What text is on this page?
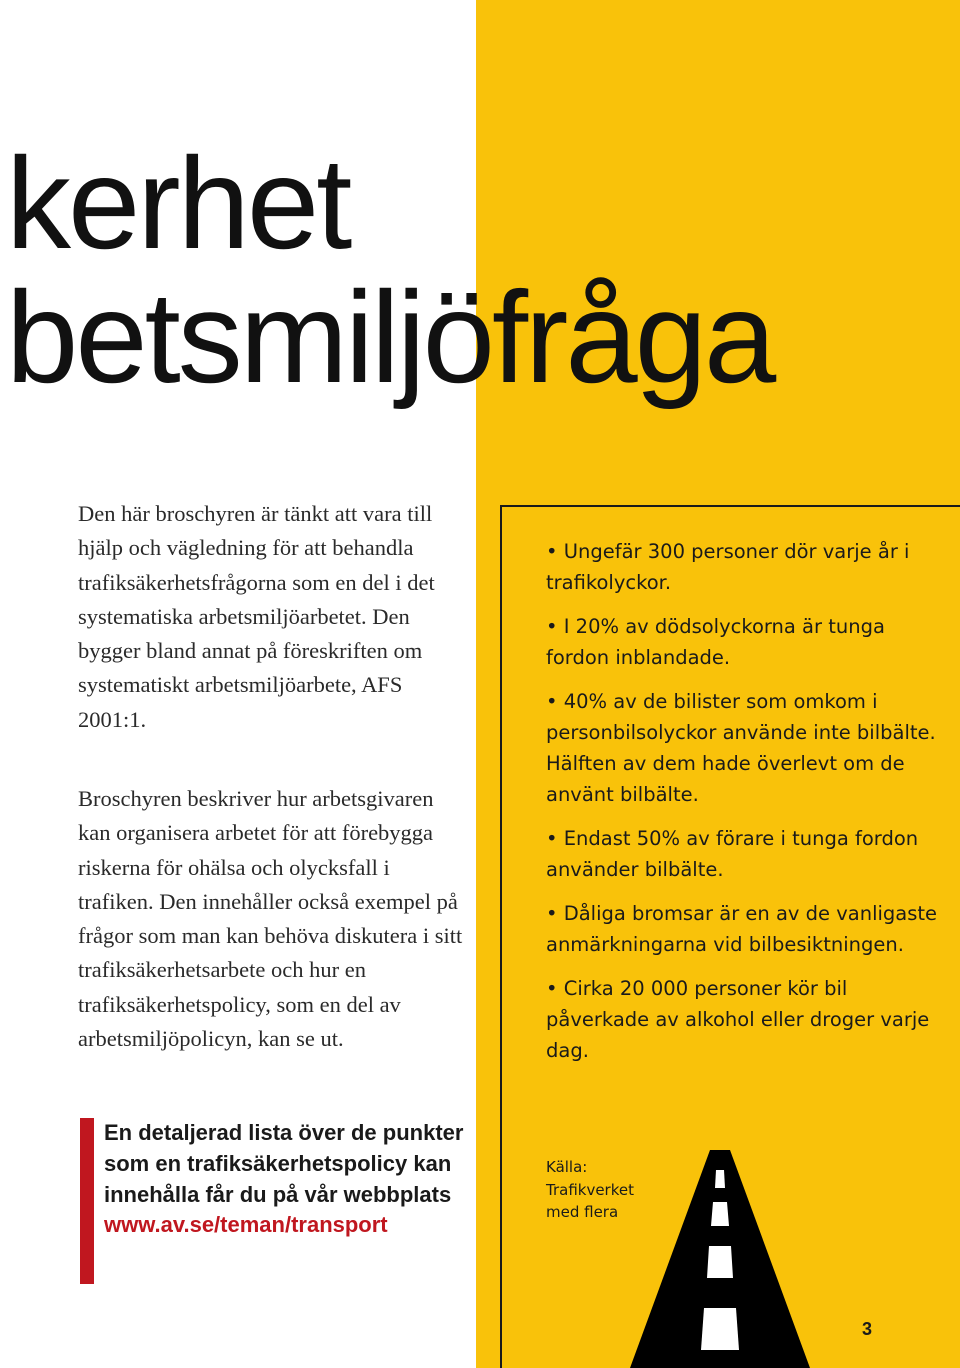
kerhet
betsmiljöfråga

Den här broschyren är tänkt att vara till hjälp och vägledning för att behandla trafiksäkerhetsfrågorna som en del i det systematiska arbetsmiljöarbetet. Den bygger bland annat på föreskriften om systematiskt arbetsmiljöarbete, AFS 2001:1.

Broschyren beskriver hur arbetsgivaren kan organisera arbetet för att förebygga riskerna för ohälsa och olycksfall i trafiken. Den innehåller också exempel på frågor som man kan behöva diskutera i sitt trafiksäkerhetsarbete och hur en trafiksäkerhetspolicy, som en del av arbetsmiljöpolicyn, kan se ut.

En detaljerad lista över de punkter som en trafiksäkerhetspolicy kan innehålla får du på vår webbplats
www.av.se/teman/transport
• Ungefär 300 personer dör varje år i trafikolyckor.
• I 20% av dödsolyckorna är tunga fordon inblandade.
• 40% av de bilister som omkom i personbilsolyckor använde inte bilbälte. Hälften av dem hade överlevt om de använt bilbälte.
• Endast 50% av förare i tunga fordon använder bilbälte.
• Dåliga bromsar är en av de vanligaste anmärkningarna vid bilbesiktningen.
• Cirka 20 000 personer kör bil påverkade av alkohol eller droger varje dag.
Källa: Trafikverket med flera
3
